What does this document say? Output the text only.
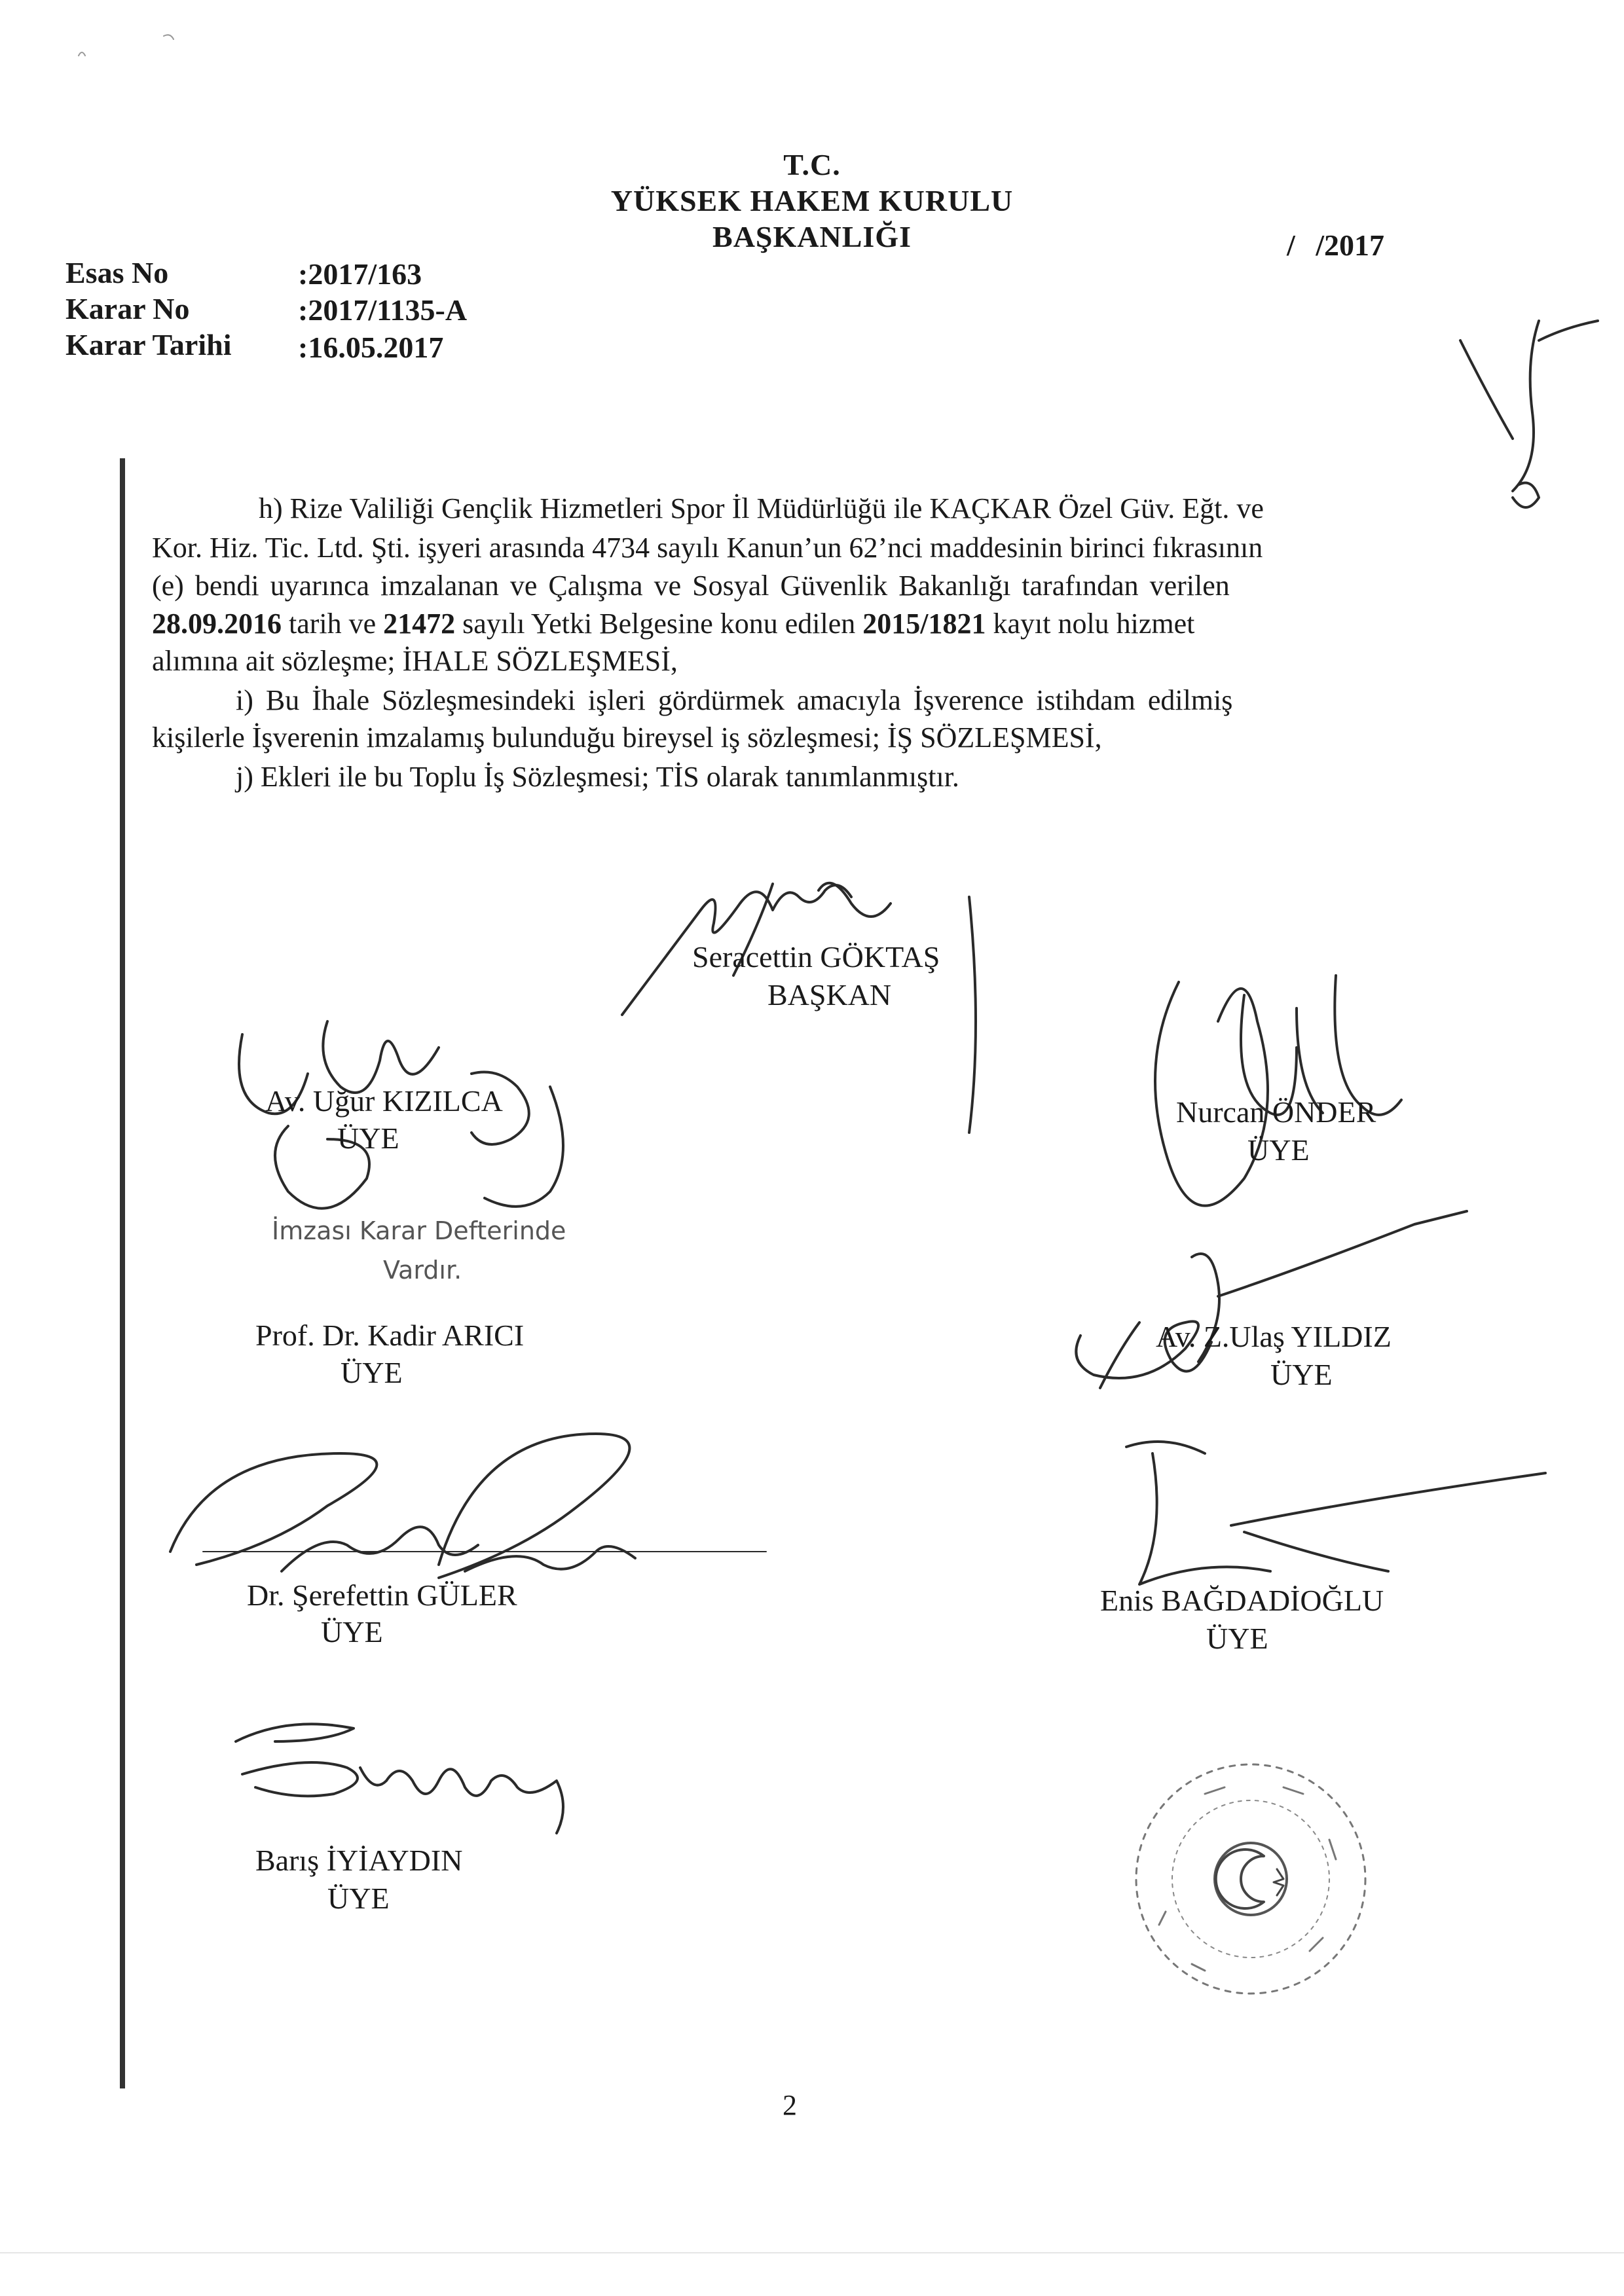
T.C.
YÜKSEK HAKEM KURULU
BAŞKANLIĞI	/ /2017
Esas No	:2017/163
Karar No	:2017/1135-A
Karar Tarihi :16.05.2017
h) Rize Valiliği Gençlik Hizmetleri Spor İl Müdürlüğü ile KAÇKAR Özel Güv. Eğt. ve
Kor. Hiz. Tic. Ltd. Şti. işyeri arasında 4734 sayılı Kanun’un 62’nci maddesinin birinci fıkrasının
(e) bendi uyarınca imzalanan ve Çalışma ve Sosyal Güvenlik Bakanlığı tarafından verilen
28.09.2016 tarih ve 21472 sayılı Yetki Belgesine konu edilen 2015/1821 kayıt nolu hizmet
alımına ait sözleşme; İHALE SÖZLEŞMESİ,
i) Bu İhale Sözleşmesindeki işleri gördürmek amacıyla İşverence istihdam edilmiş
kişilerle İşverenin imzalamış bulunduğu bireysel iş sözleşmesi; İŞ SÖZLEŞMESİ,
j) Ekleri ile bu Toplu İş Sözleşmesi; TİS olarak tanımlanmıştır.
Seracettin GÖKTAŞ
BAŞKAN
Av. Uğur KIZILCA
ÜYE
İmzası Karar Defterinde
Vardır.
Nurcan ÖNDER
ÜYE
Prof. Dr. Kadir ARICI
ÜYE
Av. Z.Ulaş YILDIZ
ÜYE
Dr. Şerefettin GÜLER
ÜYE
Enis BAĞDADİOĞLU
ÜYE
Barış İYİAYDIN
ÜYE
2
